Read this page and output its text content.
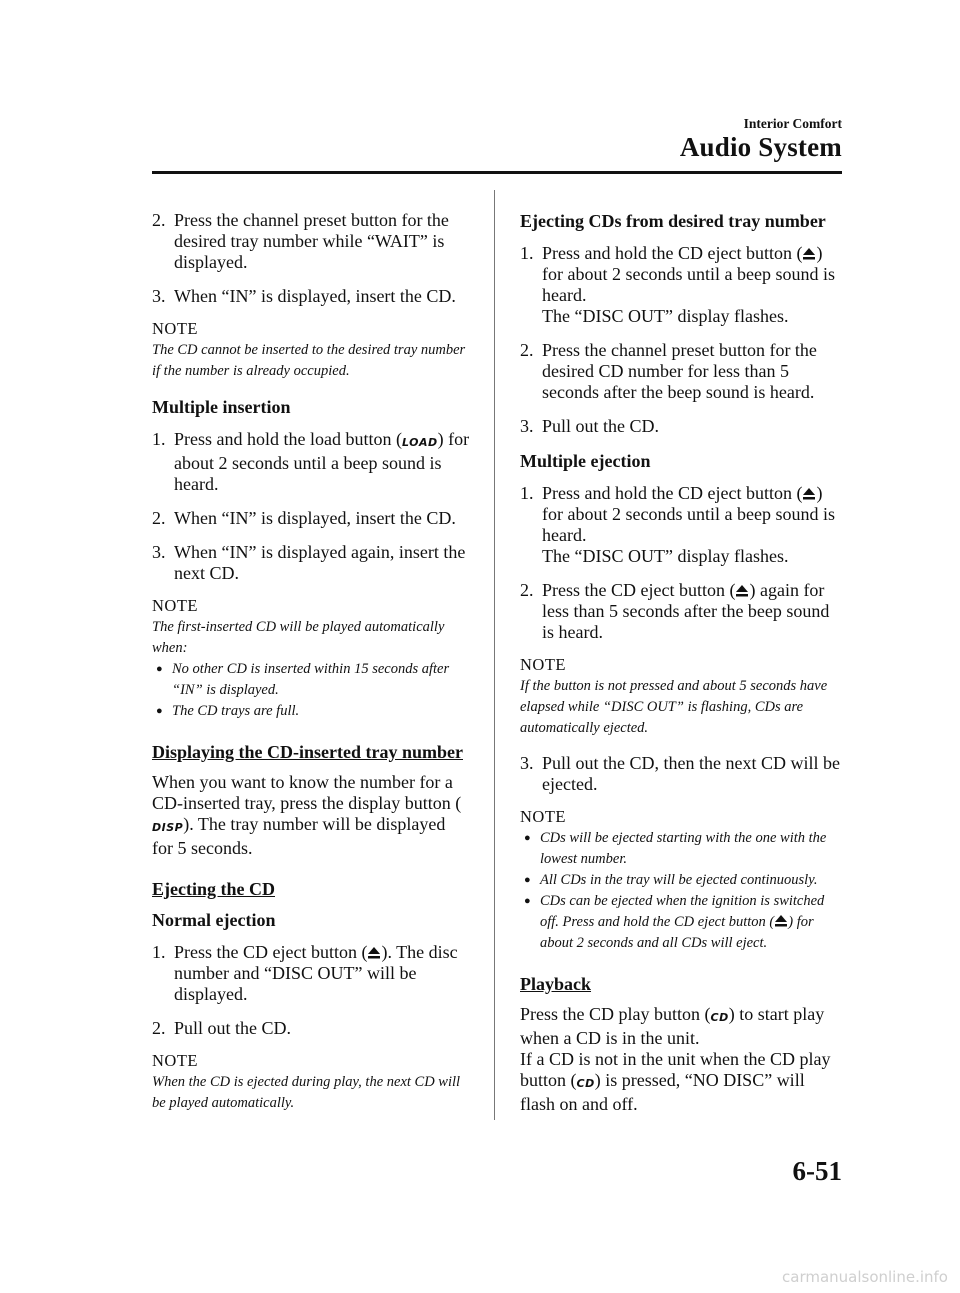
Interior Comfort
Audio System
2. Press the channel preset button for the desired tray number while “WAIT” is displayed.
3. When “IN” is displayed, insert the CD.
NOTE
The CD cannot be inserted to the desired tray number if the number is already occupied.
Multiple insertion
1. Press and hold the load button (LOAD) for about 2 seconds until a beep sound is heard.
2. When “IN” is displayed, insert the CD.
3. When “IN” is displayed again, insert the next CD.
NOTE
The first-inserted CD will be played automatically when:
● No other CD is inserted within 15 seconds after “IN” is displayed.
● The CD trays are full.
Displaying the CD-inserted tray number
When you want to know the number for a CD-inserted tray, press the display button (DISP). The tray number will be displayed for 5 seconds.
Ejecting the CD
Normal ejection
1. Press the CD eject button ( ). The disc number and “DISC OUT” will be displayed.
2. Pull out the CD.
NOTE
When the CD is ejected during play, the next CD will be played automatically.
Ejecting CDs from desired tray number
1. Press and hold the CD eject button ( ) for about 2 seconds until a beep sound is heard.
The “DISC OUT” display flashes.
2. Press the channel preset button for the desired CD number for less than 5 seconds after the beep sound is heard.
3. Pull out the CD.
Multiple ejection
1. Press and hold the CD eject button ( ) for about 2 seconds until a beep sound is heard.
The “DISC OUT” display flashes.
2. Press the CD eject button ( ) again for less than 5 seconds after the beep sound is heard.
NOTE
If the button is not pressed and about 5 seconds have elapsed while “DISC OUT” is flashing, CDs are automatically ejected.
3. Pull out the CD, then the next CD will be ejected.
NOTE
● CDs will be ejected starting with the one with the lowest number.
● All CDs in the tray will be ejected continuously.
● CDs can be ejected when the ignition is switched off. Press and hold the CD eject button ( ) for about 2 seconds and all CDs will eject.
Playback
Press the CD play button (CD) to start play when a CD is in the unit.
If a CD is not in the unit when the CD play button (CD) is pressed, “NO DISC” will flash on and off.
6-51
carmanualsonline.info
